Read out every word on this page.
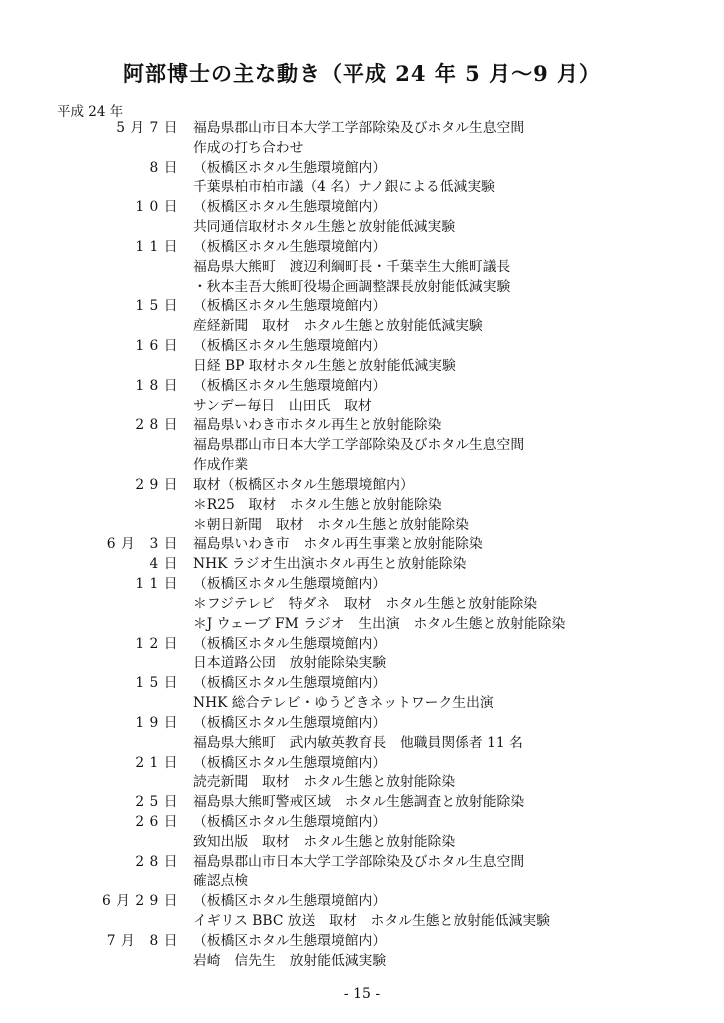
阿部博士の主な動き（平成 24 年 5 月～9 月）
平成 24 年
5 月 7 日 福島県郡山市日本大学工学部除染及びホタル生息空間
作成の打ち合わせ
8 日 （板橋区ホタル生態環境館内）
千葉県柏市柏市議（4 名）ナノ銀による低減実験
1 0 日 （板橋区ホタル生態環境館内）
共同通信取材ホタル生態と放射能低減実験
1 1 日 （板橋区ホタル生態環境館内）
福島県大熊町　渡辺利綱町長・千葉幸生大熊町議長
・秋本圭吾大熊町役場企画調整課長放射能低減実験
1 5 日 （板橋区ホタル生態環境館内）
産経新聞　取材　ホタル生態と放射能低減実験
1 6 日 （板橋区ホタル生態環境館内）
日経 BP 取材ホタル生態と放射能低減実験
1 8 日 （板橋区ホタル生態環境館内）
サンデー毎日　山田氏　取材
2 8 日 福島県いわき市ホタル再生と放射能除染
福島県郡山市日本大学工学部除染及びホタル生息空間
作成作業
2 9 日 取材（板橋区ホタル生態環境館内）
＊R25　取材　ホタル生態と放射能除染
＊朝日新聞　取材　ホタル生態と放射能除染
6 月　3 日 福島県いわき市　ホタル再生事業と放射能除染
4 日 NHK ラジオ生出演ホタル再生と放射能除染
1 1 日 （板橋区ホタル生態環境館内）
＊フジテレビ　特ダネ　取材　ホタル生態と放射能除染
＊J ウェーブ FM ラジオ　生出演　ホタル生態と放射能除染
1 2 日 （板橋区ホタル生態環境館内）
日本道路公団　放射能除染実験
1 5 日 （板橋区ホタル生態環境館内）
NHK 総合テレビ・ゆうどきネットワーク生出演
1 9 日 （板橋区ホタル生態環境館内）
福島県大熊町　武内敏英教育長　他職員関係者 11 名
2 1 日 （板橋区ホタル生態環境館内）
読売新聞　取材　ホタル生態と放射能除染
2 5 日 福島県大熊町警戒区域　ホタル生態調査と放射能除染
2 6 日 （板橋区ホタル生態環境館内）
致知出版　取材　ホタル生態と放射能除染
2 8 日 福島県郡山市日本大学工学部除染及びホタル生息空間
確認点検
6 月 2 9 日 （板橋区ホタル生態環境館内）
イギリス BBC 放送　取材　ホタル生態と放射能低減実験
7 月　8 日 （板橋区ホタル生態環境館内）
岩崎　信先生　放射能低減実験
- 15 -
